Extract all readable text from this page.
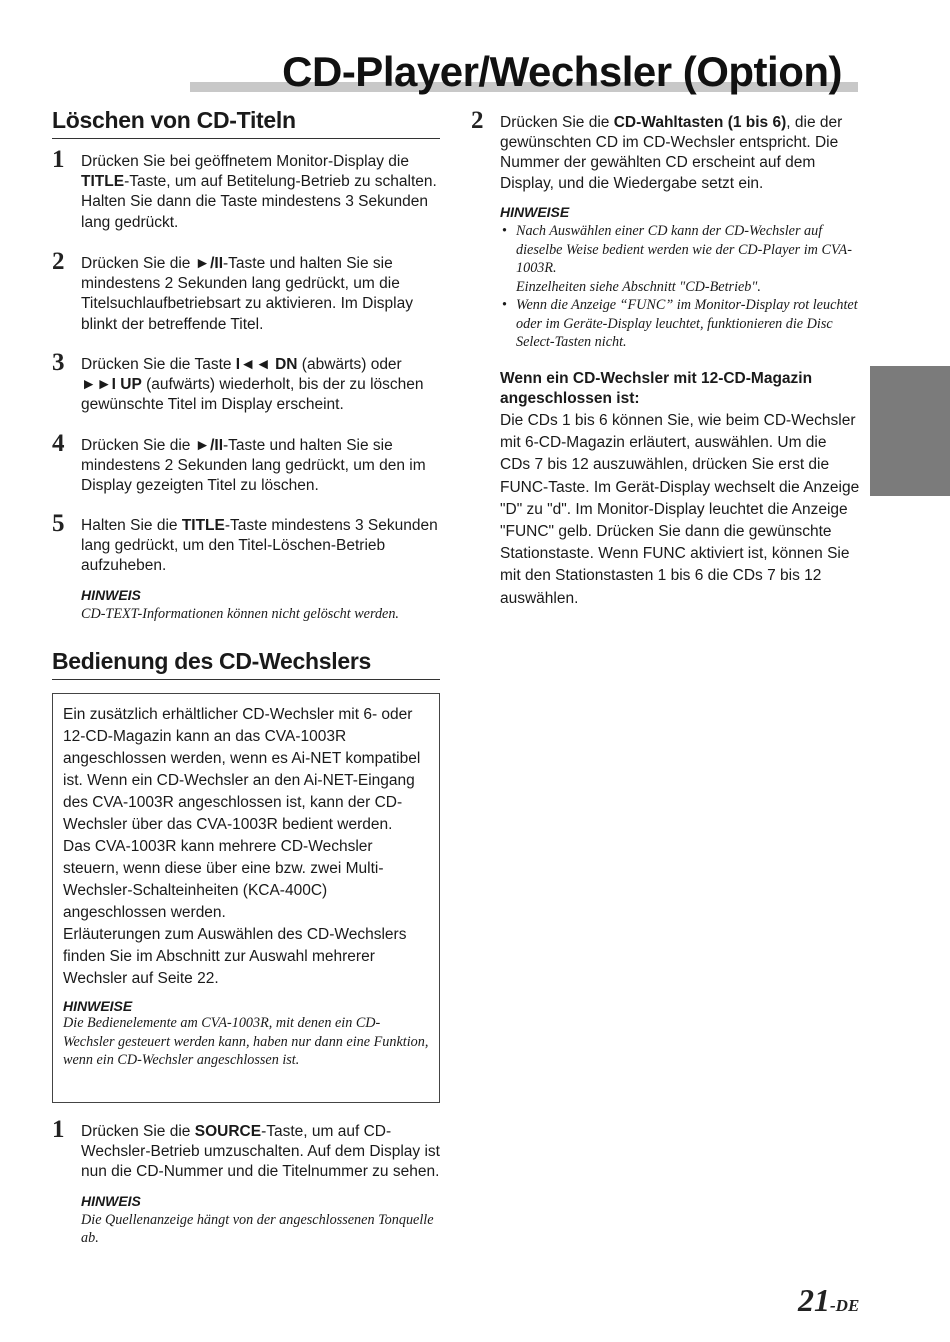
CD-Player/Wechsler (Option)
Löschen von CD-Titeln
1 Drücken Sie bei geöffnetem Monitor-Display die TITLE-Taste, um auf Betitelung-Betrieb zu schalten. Halten Sie dann die Taste mindestens 3 Sekunden lang gedrückt.
2 Drücken Sie die ►/II-Taste und halten Sie sie mindestens 2 Sekunden lang gedrückt, um die Titelsuchlaufbetriebsart zu aktivieren. Im Display blinkt der betreffende Titel.
3 Drücken Sie die Taste I◄◄ DN (abwärts) oder ►►I UP (aufwärts) wiederholt, bis der zu löschen gewünschte Titel im Display erscheint.
4 Drücken Sie die ►/II-Taste und halten Sie sie mindestens 2 Sekunden lang gedrückt, um den im Display gezeigten Titel zu löschen.
5 Halten Sie die TITLE-Taste mindestens 3 Sekunden lang gedrückt, um den Titel-Löschen-Betrieb aufzuheben.
HINWEIS
CD-TEXT-Informationen können nicht gelöscht werden.
Bedienung des CD-Wechslers

Ein zusätzlich erhältlicher CD-Wechsler mit 6- oder 12-CD-Magazin kann an das CVA-1003R angeschlossen werden, wenn es Ai-NET kompatibel ist. Wenn ein CD-Wechsler an den Ai-NET-Eingang des CVA-1003R angeschlossen ist, kann der CD-Wechsler über das CVA-1003R bedient werden.

Das CVA-1003R kann mehrere CD-Wechsler steuern, wenn diese über eine bzw. zwei Multi-Wechsler-Schalteinheiten (KCA-400C) angeschlossen werden.

Erläuterungen zum Auswählen des CD-Wechslers finden Sie im Abschnitt zur Auswahl mehrerer Wechsler auf Seite 22.

HINWEISE
Die Bedienelemente am CVA-1003R, mit denen ein CD-Wechsler gesteuert werden kann, haben nur dann eine Funktion, wenn ein CD-Wechsler angeschlossen ist.
1 Drücken Sie die SOURCE-Taste, um auf CD-Wechsler-Betrieb umzuschalten. Auf dem Display ist nun die CD-Nummer und die Titelnummer zu sehen.
HINWEIS
Die Quellenanzeige hängt von der angeschlossenen Tonquelle ab.
2 Drücken Sie die CD-Wahltasten (1 bis 6), die der gewünschten CD im CD-Wechsler entspricht. Die Nummer der gewählten CD erscheint auf dem Display, und die Wiedergabe setzt ein.
HINWEISE
• Nach Auswählen einer CD kann der CD-Wechsler auf dieselbe Weise bedient werden wie der CD-Player im CVA-1003R.
Einzelheiten siehe Abschnitt "CD-Betrieb".
• Wenn die Anzeige “FUNC” im Monitor-Display rot leuchtet oder im Geräte-Display leuchtet, funktionieren die Disc Select-Tasten nicht.
Wenn ein CD-Wechsler mit 12-CD-Magazin angeschlossen ist:

Die CDs 1 bis 6 können Sie, wie beim CD-Wechsler mit 6-CD-Magazin erläutert, auswählen. Um die CDs 7 bis 12 auszuwählen, drücken Sie erst die FUNC-Taste. Im Gerät-Display wechselt die Anzeige "D" zu "d". Im Monitor-Display leuchtet die Anzeige "FUNC" gelb. Drücken Sie dann die gewünschte Stationstaste. Wenn FUNC aktiviert ist, können Sie mit den Stationstasten 1 bis 6 die CDs 7 bis 12 auswählen.

21-DE
